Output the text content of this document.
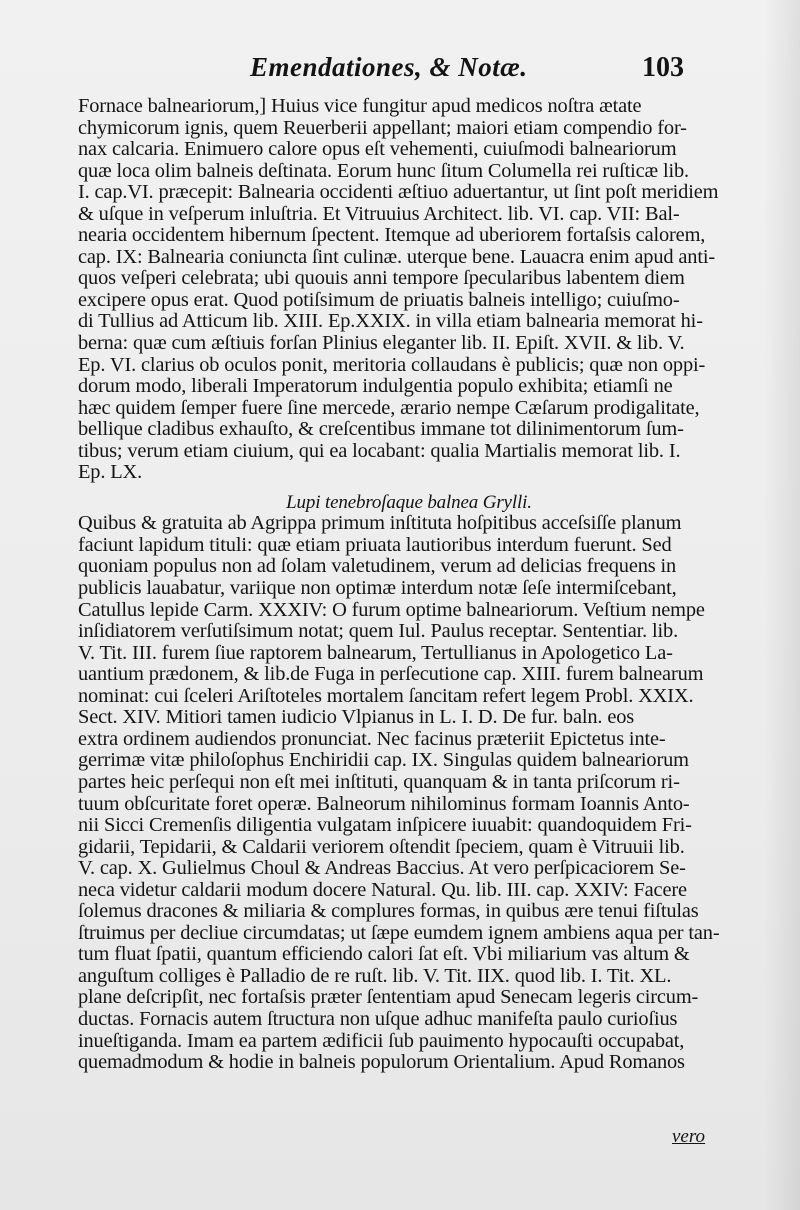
Emendationes, & Notæ.	103
Fornace balneariorum,] Huius vice fungitur apud medicos noſtra ætate
chymicorum ignis, quem Reuerberii appellant; maiori etiam compendio for-
nax calcaria. Enimuero calore opus eſt vehementi, cuiuſmodi balneariorum
quæ loca olim balneis deſtinata. Eorum hunc ſitum Columella rei ruſticæ lib.
I. cap.VI. præcepit: Balnearia occidenti æſtiuo aduertantur, ut ſint poſt meridiem
& uſque in veſperum inluſtria. Et Vitruuius Architect. lib. VI. cap. VII: Bal-
nearia occidentem hibernum ſpectent. Itemque ad uberiorem fortaſsis calorem,
cap. IX: Balnearia coniuncta ſint culinæ. uterque bene. Lauacra enim apud anti-
quos veſperi celebrata; ubi quouis anni tempore ſpecularibus labentem diem
excipere opus erat. Quod potiſsimum de priuatis balneis intelligo; cuiuſmo-
di Tullius ad Atticum lib. XIII. Ep.XXIX. in villa etiam balnearia memorat hi-
berna: quæ cum æſtiuis forſan Plinius eleganter lib. II. Epiſt. XVII. & lib. V.
Ep. VI. clarius ob oculos ponit, meritoria collaudans è publicis; quæ non oppi-
dorum modo, liberali Imperatorum indulgentia populo exhibita; etiamſi ne
hæc quidem ſemper fuere ſine mercede, ærario nempe Cæſarum prodigalitate,
bellique cladibus exhauſto, & creſcentibus immane tot dilinimentorum ſum-
tibus; verum etiam ciuium, qui ea locabant: qualia Martialis memorat lib. I.
Ep. LX.
Lupi tenebroſaque balnea Grylli.
Quibus & gratuita ab Agrippa primum inſtituta hoſpitibus acceſsiſſe planum
faciunt lapidum tituli: quæ etiam priuata lautioribus interdum fuerunt. Sed
quoniam populus non ad ſolam valetudinem, verum ad delicias frequens in
publicis lauabatur, variique non optimæ interdum notæ ſeſe intermiſcebant,
Catullus lepide Carm. XXXIV: O furum optime balneariorum. Veſtium nempe
inſidiatorem verſutiſsimum notat; quem Iul. Paulus receptar. Sententiar. lib.
V. Tit. III. furem ſiue raptorem balnearum, Tertullianus in Apologetico La-
uantium prædonem, & lib.de Fuga in perſecutione cap. XIII. furem balnearum
nominat: cui ſceleri Ariſtoteles mortalem ſancitam refert legem Probl. XXIX.
Sect. XIV. Mitiori tamen iudicio Vlpianus in L. I. D. De fur. baln. eos
extra ordinem audiendos pronunciat. Nec facinus præteriit Epictetus inte-
gerrimæ vitæ philoſophus Enchiridii cap. IX. Singulas quidem balneariorum
partes heic perſequi non eſt mei inſtituti, quanquam & in tanta priſcorum ri-
tuum obſcuritate foret operæ. Balneorum nihilominus formam Ioannis Anto-
nii Sicci Cremenſis diligentia vulgatam inſpicere iuuabit: quandoquidem Fri-
gidarii, Tepidarii, & Caldarii veriorem oſtendit ſpeciem, quam è Vitruuii lib.
V. cap. X. Gulielmus Choul & Andreas Baccius. At vero perſpicaciorem Se-
neca videtur caldarii modum docere Natural. Qu. lib. III. cap. XXIV: Facere
ſolemus dracones & miliaria & complures formas, in quibus ære tenui fiſtulas
ſtruimus per decliue circumdatas; ut ſæpe eumdem ignem ambiens aqua per tan-
tum fluat ſpatii, quantum efficiendo calori ſat eſt. Vbi miliarium vas altum &
anguſtum colliges è Palladio de re ruſt. lib. V. Tit. IIX. quod lib. I. Tit. XL.
plane deſcripſit, nec fortaſsis præter ſententiam apud Senecam legeris circum-
ductas. Fornacis autem ſtructura non uſque adhuc manifeſta paulo curioſius
inueſtiganda. Imam ea partem ædificii ſub pauimento hypocauſti occupabat,
quemadmodum & hodie in balneis populorum Orientalium. Apud Romanos
vero
